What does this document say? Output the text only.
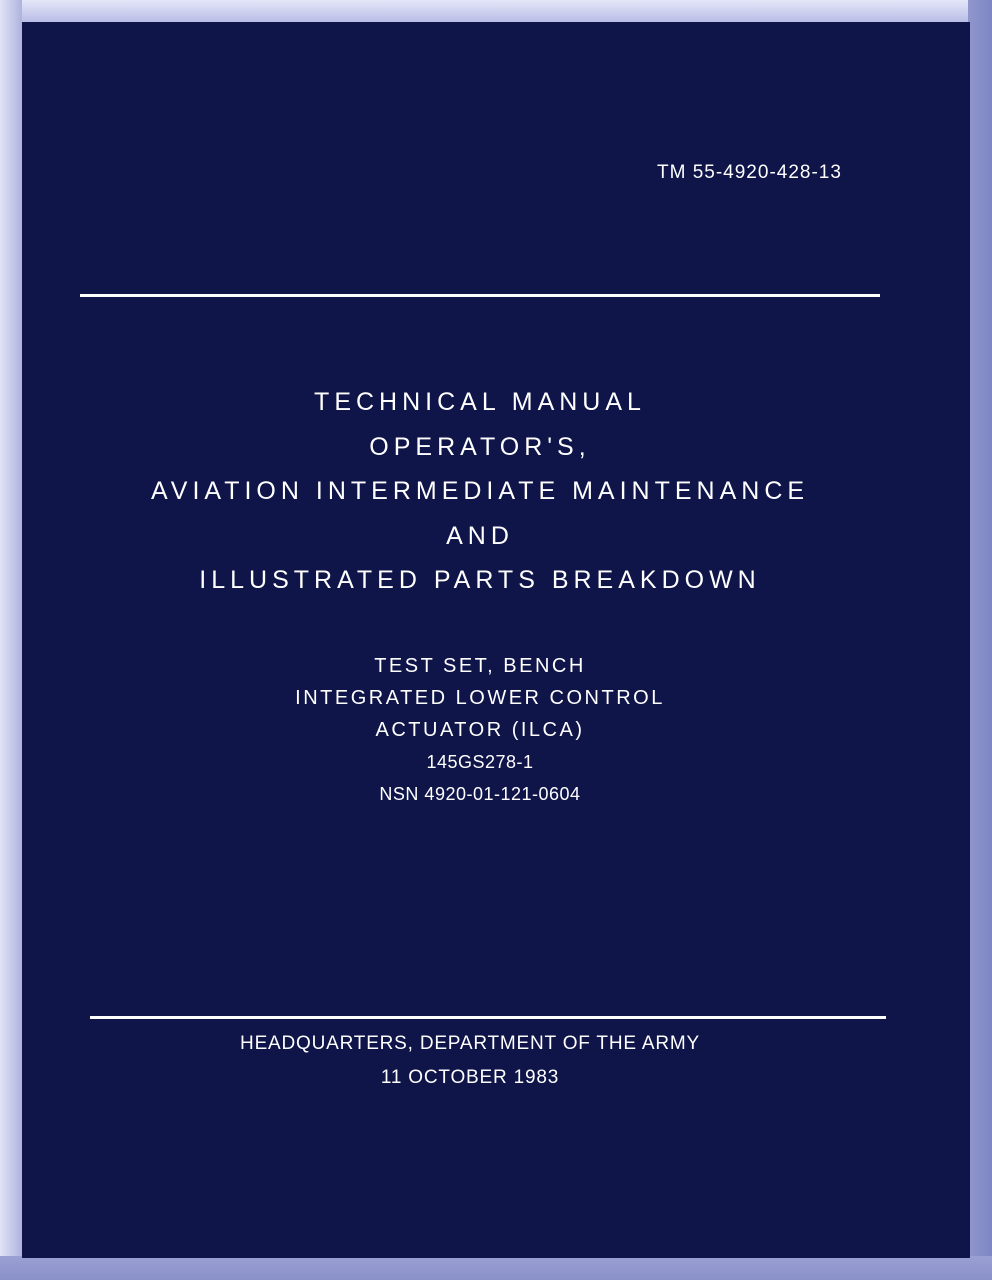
TM 55-4920-428-13
TECHNICAL MANUAL
OPERATOR'S,
AVIATION INTERMEDIATE MAINTENANCE
AND
ILLUSTRATED PARTS BREAKDOWN
TEST SET, BENCH
INTEGRATED LOWER CONTROL
ACTUATOR (ILCA)
145GS278-1
NSN 4920-01-121-0604
HEADQUARTERS, DEPARTMENT OF THE ARMY
11 OCTOBER 1983
